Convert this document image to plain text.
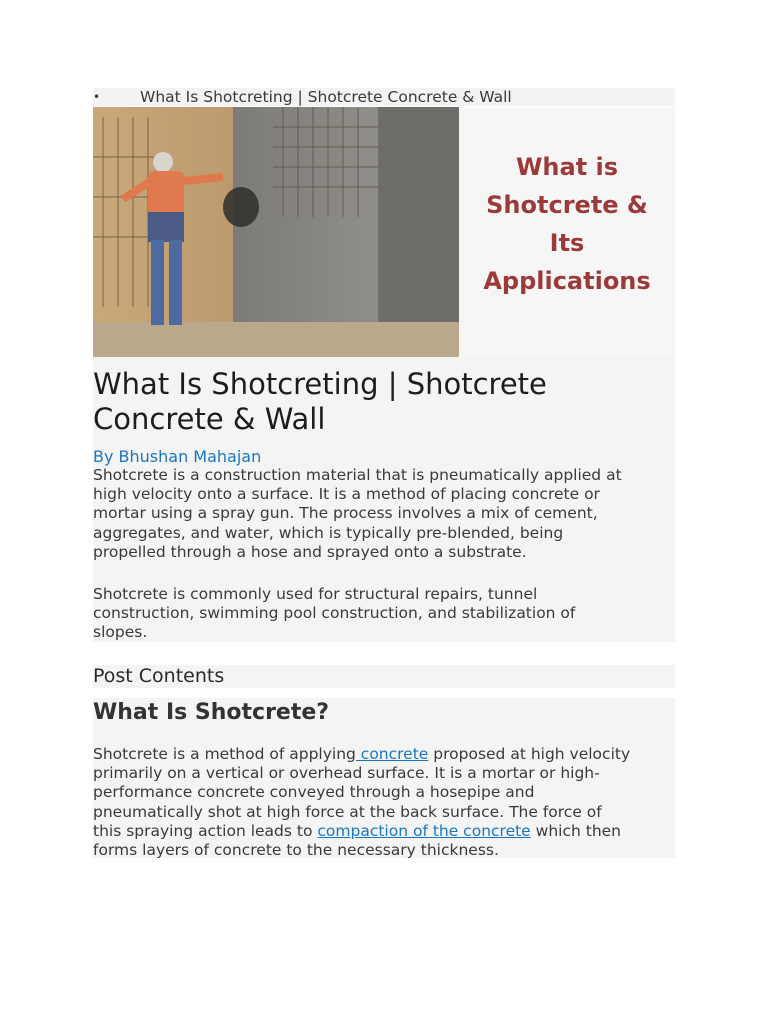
•	What Is Shotcreting | Shotcrete Concrete & Wall
What is
Shotcrete &
Its
Applications
What Is Shotcreting | Shotcrete
Concrete & Wall
By Bhushan Mahajan

Shotcrete is a construction material that is pneumatically applied at
high velocity onto a surface. It is a method of placing concrete or
mortar using a spray gun. The process involves a mix of cement,
aggregates, and water, which is typically pre-blended, being
propelled through a hose and sprayed onto a substrate.

Shotcrete is commonly used for structural repairs, tunnel
construction, swimming pool construction, and stabilization of
slopes.

Post Contents
What Is Shotcrete?

Shotcrete is a method of applying concrete proposed at high velocity
primarily on a vertical or overhead surface. It is a mortar or high-
performance concrete conveyed through a hosepipe and
pneumatically shot at high force at the back surface. The force of
this spraying action leads to compaction of the concrete which then
forms layers of concrete to the necessary thickness.
